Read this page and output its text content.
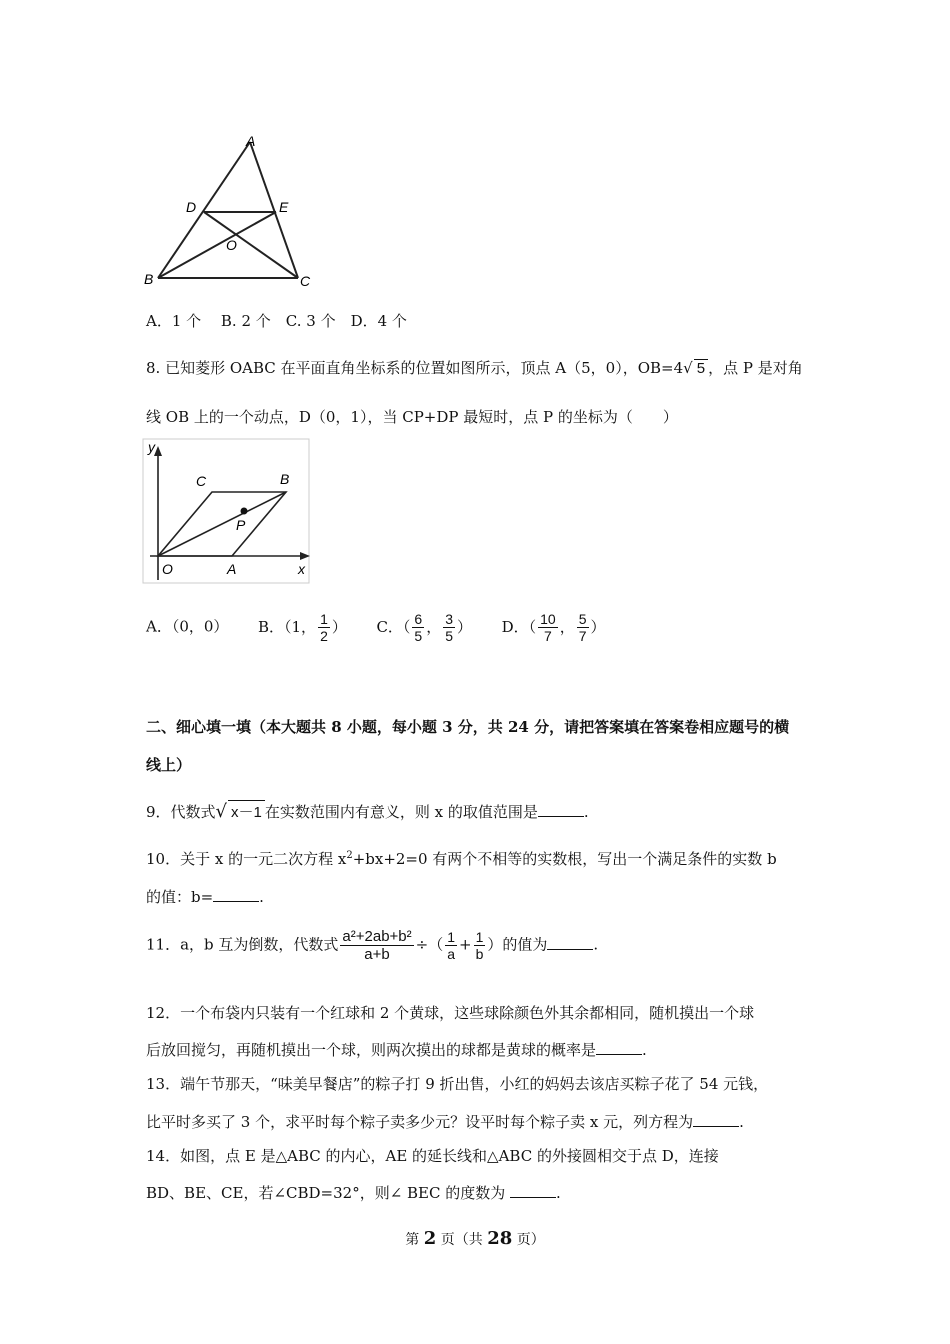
A
D	E
O
B	C
A．1 个　 B. 2 个　C. 3 个　D．4 个
8. 已知菱形 OABC 在平面直角坐标系的位置如图所示，顶点 A（5，0），OB=4√ 5 ，点 P 是对角
线 OB 上的一个动点，D（0，1），当 CP+DP 最短时，点 P 的坐标为（　　）
y
x
O	A
B
C
P
A．（0，0） B．（1， $\frac{1}{2}$ ） C．（ $\frac{6}{5}$ ， $\frac{3}{5}$ ） D．（ $\frac{10}{7}$ ， $\frac{5}{7}$ ）
二、细心填一填（本大题共 8 小题，每小题 3 分，共 24 分，请把答案填在答案卷相应题号的横
线上）
9．代数式√ x－1 在实数范围内有意义，则 x 的取值范围是	.
10．关于 x 的一元二次方程 $x^2+bx+2=0$ 有两个不相等的实数根，写出一个满足条件的实数 b
的值：b=	.
11．a，b 互为倒数，代数式 $\frac{\text{a²+2ab+b²}}{a+b}$ ÷（ $\frac{1}{a} + \frac{1}{b}$ ）的值为	.
12．一个布袋内只装有一个红球和 2 个黄球，这些球除颜色外其余都相同，随机摸出一个球
后放回搅匀，再随机摸出一个球，则两次摸出的球都是黄球的概率是	.
13．端午节那天，“味美早餐店”的粽子打 9 折出售，小红的妈妈去该店买粽子花了 54 元钱，
比平时多买了 3 个，求平时每个粽子卖多少元？设平时每个粽子卖 x 元，列方程为	.
14．如图，点 E 是△ABC 的内心，AE 的延长线和△ABC 的外接圆相交于点 D，连接
BD、BE、CE，若∠CBD=32°，则∠ BEC 的度数为	.
第 2 页（共 28 页）
